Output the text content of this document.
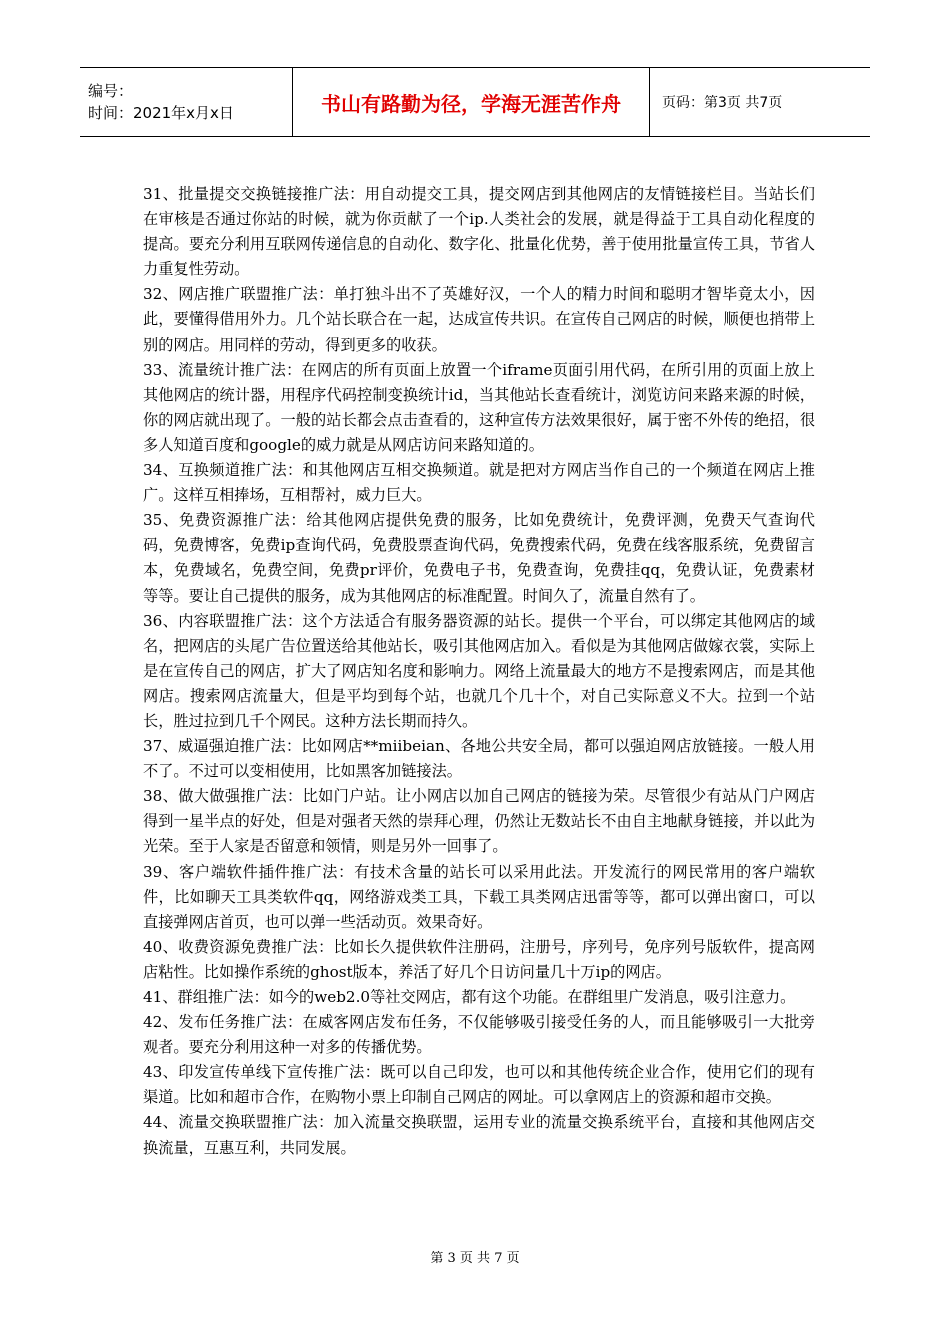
编号：
时间：2021年x月x日	书山有路勤为径，学海无涯苦作舟	页码：第3页 共7页

31、批量提交交换链接推广法：用自动提交工具，提交网店到其他网店的友情链接栏目。当站长们在审核是否通过你站的时候，就为你贡献了一个ip.人类社会的发展，就是得益于工具自动化程度的提高。要充分利用互联网传递信息的自动化、数字化、批量化优势，善于使用批量宣传工具，节省人力重复性劳动。

32、网店推广联盟推广法：单打独斗出不了英雄好汉，一个人的精力时间和聪明才智毕竟太小，因此，要懂得借用外力。几个站长联合在一起，达成宣传共识。在宣传自己网店的时候，顺便也捎带上别的网店。用同样的劳动，得到更多的收获。

33、流量统计推广法：在网店的所有页面上放置一个iframe页面引用代码，在所引用的页面上放上其他网店的统计器，用程序代码控制变换统计id，当其他站长查看统计，浏览访问来路来源的时候，你的网店就出现了。一般的站长都会点击查看的，这种宣传方法效果很好，属于密不外传的绝招，很多人知道百度和google的威力就是从网店访问来路知道的。

34、互换频道推广法：和其他网店互相交换频道。就是把对方网店当作自己的一个频道在网店上推广。这样互相捧场，互相帮衬，威力巨大。

35、免费资源推广法：给其他网店提供免费的服务，比如免费统计，免费评测，免费天气查询代码，免费博客，免费ip查询代码，免费股票查询代码，免费搜索代码，免费在线客服系统，免费留言本，免费域名，免费空间，免费pr评价，免费电子书，免费查询，免费挂qq，免费认证，免费素材等等。要让自己提供的服务，成为其他网店的标准配置。时间久了，流量自然有了。

36、内容联盟推广法：这个方法适合有服务器资源的站长。提供一个平台，可以绑定其他网店的域名，把网店的头尾广告位置送给其他站长，吸引其他网店加入。看似是为其他网店做嫁衣裳，实际上是在宣传自己的网店，扩大了网店知名度和影响力。网络上流量最大的地方不是搜索网店，而是其他网店。搜索网店流量大，但是平均到每个站，也就几个几十个，对自己实际意义不大。拉到一个站长，胜过拉到几千个网民。这种方法长期而持久。

37、威逼强迫推广法：比如网店**miibeian、各地公共安全局，都可以强迫网店放链接。一般人用不了。不过可以变相使用，比如黑客加链接法。

38、做大做强推广法：比如门户站。让小网店以加自己网店的链接为荣。尽管很少有站从门户网店得到一星半点的好处，但是对强者天然的崇拜心理，仍然让无数站长不由自主地献身链接，并以此为光荣。至于人家是否留意和领情，则是另外一回事了。

39、客户端软件插件推广法：有技术含量的站长可以采用此法。开发流行的网民常用的客户端软件，比如聊天工具类软件qq，网络游戏类工具，下载工具类网店迅雷等等，都可以弹出窗口，可以直接弹网店首页，也可以弹一些活动页。效果奇好。

40、收费资源免费推广法：比如长久提供软件注册码，注册号，序列号，免序列号版软件，提高网店粘性。比如操作系统的ghost版本，养活了好几个日访问量几十万ip的网店。

41、群组推广法：如今的web2.0等社交网店，都有这个功能。在群组里广发消息，吸引注意力。

42、发布任务推广法：在威客网店发布任务，不仅能够吸引接受任务的人，而且能够吸引一大批旁观者。要充分利用这种一对多的传播优势。

43、印发宣传单线下宣传推广法：既可以自己印发，也可以和其他传统企业合作，使用它们的现有渠道。比如和超市合作，在购物小票上印制自己网店的网址。可以拿网店上的资源和超市交换。

44、流量交换联盟推广法：加入流量交换联盟，运用专业的流量交换系统平台，直接和其他网店交换流量，互惠互利，共同发展。

第 3 页 共 7 页
